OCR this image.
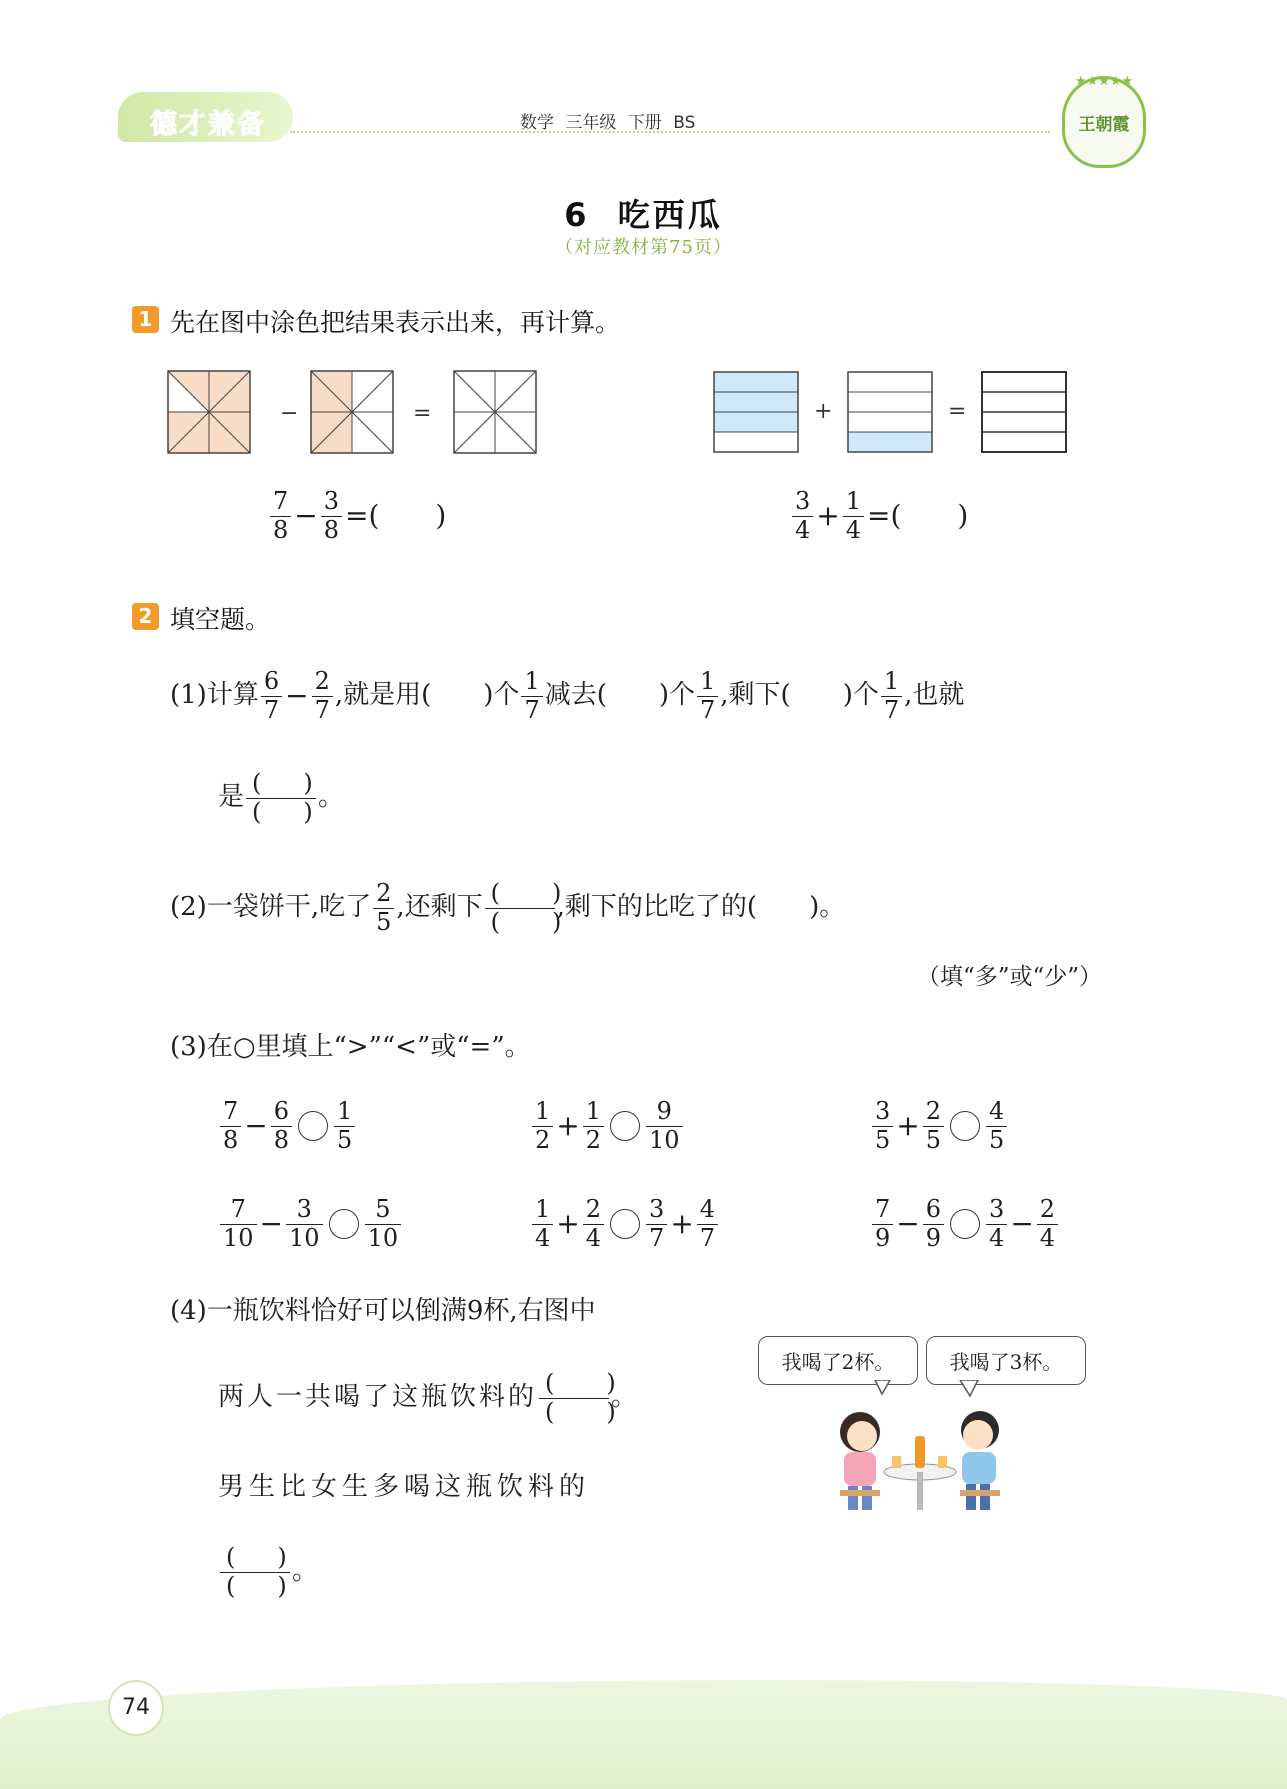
德才兼备	数学 三年级 下册 BS
★★★★★
王朝霞
6  吃西瓜
（对应教材第75页）
1 先在图中涂色把结果表示出来，再计算。
−	=	+	=
$\frac{7}{8} - \frac{3}{8}$ =(　　)	$\frac{3}{4} + \frac{1}{4}$ =(　　)
2 填空题。
(1)计算 $\frac{6}{7} - \frac{2}{7}$ ,就是用(　　)个 $\frac{1}{7}$ 减去(　　)个 $\frac{1}{7}$ ,剩下(　　)个 $\frac{1}{7}$ ,也就
是 $\frac{( )}{( )}$ 。
(2)一袋饼干,吃了 $\frac{2}{5}$ ,还剩下 $\frac{( )}{( )}$ ,剩下的比吃了的(　　)。
（填“多”或“少”）
(3)在○里填上“>”“<”或“=”。
$\frac{7}{8} - \frac{6}{8} \frac{1}{5}$	$\frac{1}{2} + \frac{1}{2} \frac{9}{10}$	$\frac{3}{5} + \frac{2}{5} \frac{4}{5}$
$\frac{7}{10} - \frac{3}{10} \frac{5}{10}$	$\frac{1}{4} + \frac{2}{4} \frac{3}{7} + \frac{4}{7}$	$\frac{7}{9} - \frac{6}{9} \frac{3}{4} - \frac{2}{4}$
(4)一瓶饮料恰好可以倒满9杯,右图中
两人一共喝了这瓶饮料的 $\frac{( )}{( )}$ 。
男生比女生多喝这瓶饮料的
$\frac{( )}{( )}$ 。
我喝了2杯。	我喝了3杯。
74
